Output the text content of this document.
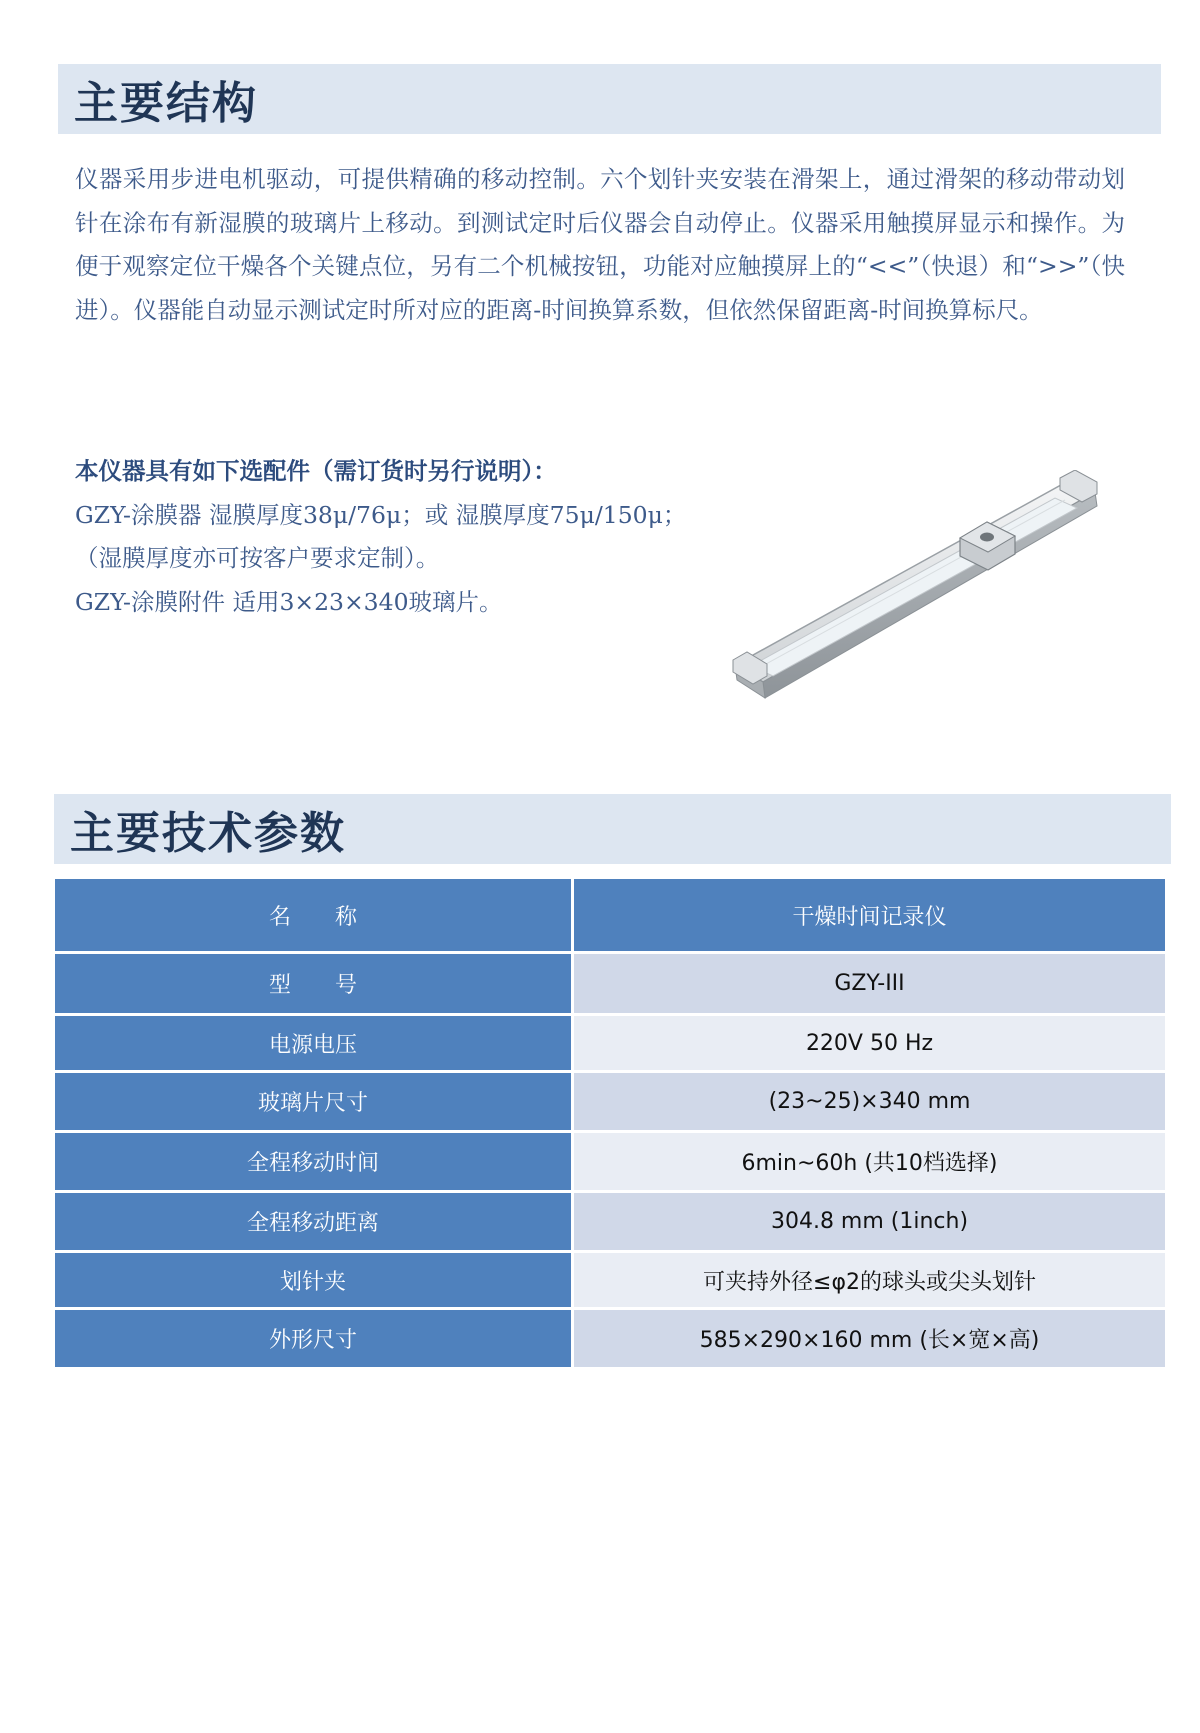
主要结构

仪器采用步进电机驱动，可提供精确的移动控制。六个划针夹安装在滑架上，通过滑架的移动带动划针在涂布有新湿膜的玻璃片上移动。到测试定时后仪器会自动停止。仪器采用触摸屏显示和操作。为便于观察定位干燥各个关键点位，另有二个机械按钮，功能对应触摸屏上的“<<”（快退）和“>>”（快进）。仪器能自动显示测试定时所对应的距离-时间换算系数，但依然保留距离-时间换算标尺。

本仪器具有如下选配件（需订货时另行说明）：
GZY-涂膜器 湿膜厚度38μ/76μ；或 湿膜厚度75μ/150μ；
（湿膜厚度亦可按客户要求定制）。
GZY-涂膜附件 适用3×23×340玻璃片。
主要技术参数
名　　称	干燥时间记录仪
型　　号	GZY-III
电源电压	220V 50 Hz
玻璃片尺寸	(23~25)×340 mm
全程移动时间	6min~60h (共10档选择)
全程移动距离	304.8 mm (1inch)
划针夹	可夹持外径≤φ2的球头或尖头划针
外形尺寸	585×290×160 mm (长×宽×高)
